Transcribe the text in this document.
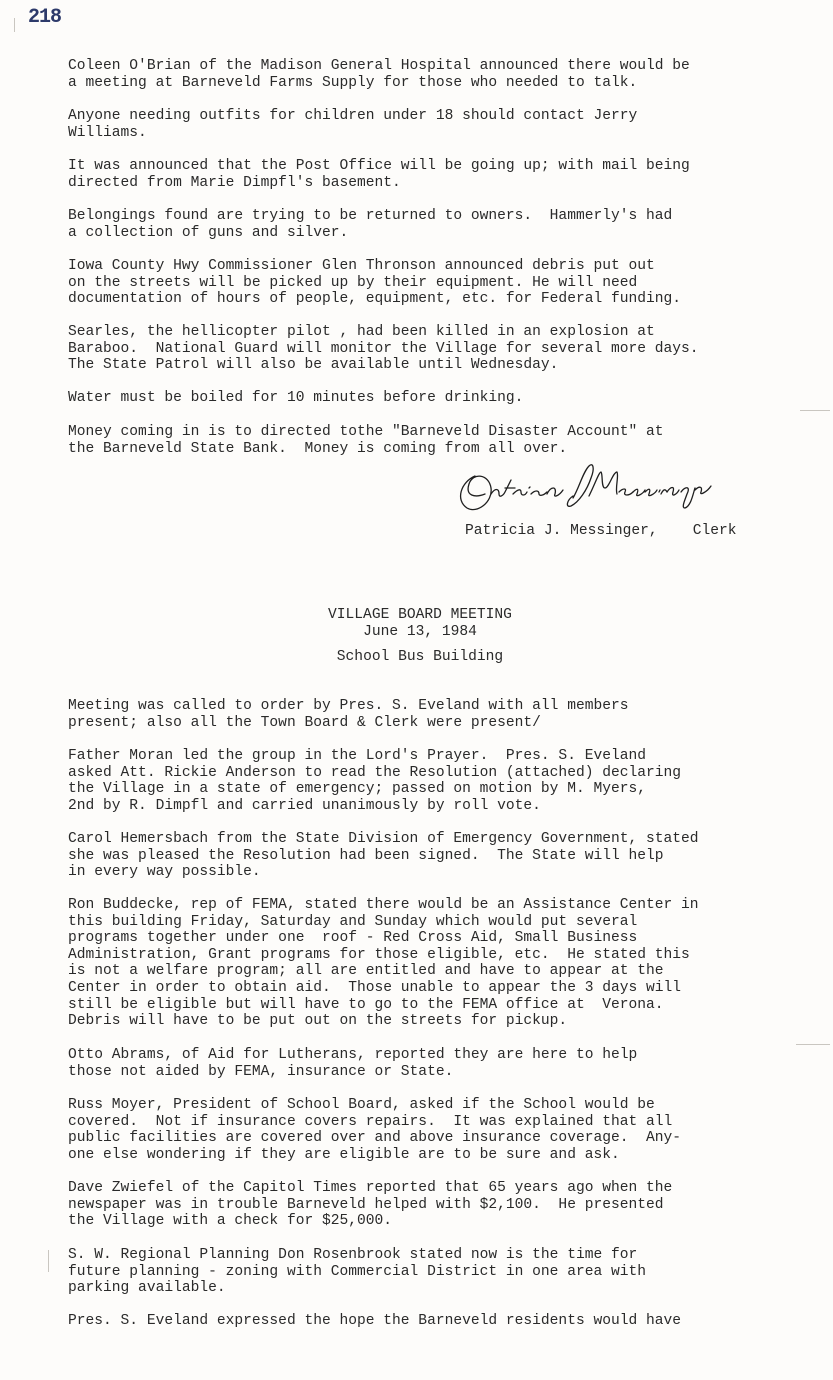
218

Coleen O'Brian of the Madison General Hospital announced there would be
a meeting at Barneveld Farms Supply for those who needed to talk.

Anyone needing outfits for children under 18 should contact Jerry
Williams.

It was announced that the Post Office will be going up; with mail being
directed from Marie Dimpfl's basement.

Belongings found are trying to be returned to owners.  Hammerly's had
a collection of guns and silver.

Iowa County Hwy Commissioner Glen Thronson announced debris put out
on the streets will be picked up by their equipment. He will need
documentation of hours of people, equipment, etc. for Federal funding.

Searles, the hellicopter pilot , had been killed in an explosion at
Baraboo.  National Guard will monitor the Village for several more days.
The State Patrol will also be available until Wednesday.

Water must be boiled for 10 minutes before drinking.

Money coming in is to directed tothe "Barneveld Disaster Account" at
the Barneveld State Bank.  Money is coming from all over.

Patricia J. Messinger,    Clerk

VILLAGE BOARD MEETING

June 13, 1984

School Bus Building

Meeting was called to order by Pres. S. Eveland with all members
present; also all the Town Board & Clerk were present/

Father Moran led the group in the Lord's Prayer.  Pres. S. Eveland
asked Att. Rickie Anderson to read the Resolution (attached) declaring
the Village in a state of emergency; passed on motion by M. Myers,
2nd by R. Dimpfl and carried unanimously by roll vote.

Carol Hemersbach from the State Division of Emergency Government, stated
she was pleased the Resolution had been signed.  The State will help
in every way possible.

Ron Buddecke, rep of FEMA, stated there would be an Assistance Center in
this building Friday, Saturday and Sunday which would put several
programs together under one  roof - Red Cross Aid, Small Business
Administration, Grant programs for those eligible, etc.  He stated this
is not a welfare program; all are entitled and have to appear at the
Center in order to obtain aid.  Those unable to appear the 3 days will
still be eligible but will have to go to the FEMA office at  Verona.
Debris will have to be put out on the streets for pickup.

Otto Abrams, of Aid for Lutherans, reported they are here to help
those not aided by FEMA, insurance or State.

Russ Moyer, President of School Board, asked if the School would be
covered.  Not if insurance covers repairs.  It was explained that all
public facilities are covered over and above insurance coverage.  Any-
one else wondering if they are eligible are to be sure and ask.

Dave Zwiefel of the Capitol Times reported that 65 years ago when the
newspaper was in trouble Barneveld helped with $2,100.  He presented
the Village with a check for $25,000.

S. W. Regional Planning Don Rosenbrook stated now is the time for
future planning - zoning with Commercial District in one area with
parking available.

Pres. S. Eveland expressed the hope the Barneveld residents would have
